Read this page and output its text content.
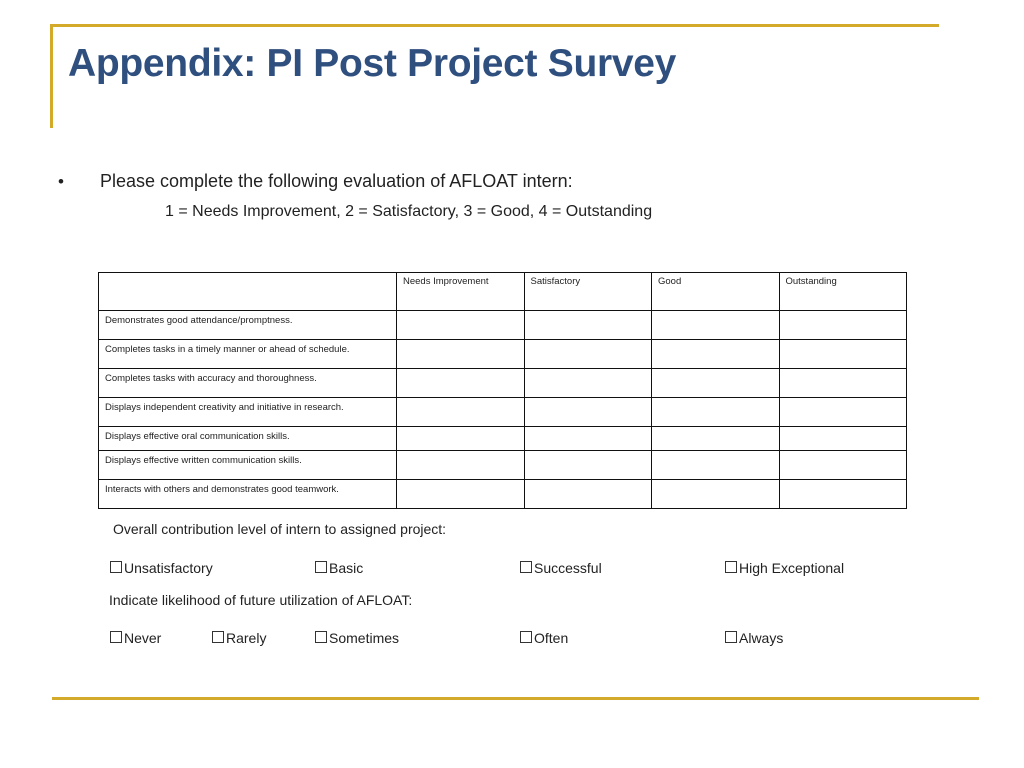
Appendix: PI Post Project Survey
• Please complete the following evaluation of AFLOAT intern:
1 = Needs Improvement, 2 = Satisfactory, 3 = Good, 4 = Outstanding
	Needs Improvement	Satisfactory	Good	Outstanding
Demonstrates good attendance/promptness.				
Completes tasks in a timely manner or ahead of schedule.				
Completes tasks with accuracy and thoroughness.				
Displays independent creativity and initiative in research.				
Displays effective oral communication skills.				
Displays effective written communication skills.				
Interacts with others and demonstrates good teamwork.				
Overall contribution level of intern to assigned project:
Unsatisfactory	Basic	Successful	High Exceptional
Indicate likelihood of future utilization of AFLOAT:
Never	Rarely	Sometimes	Often	Always
